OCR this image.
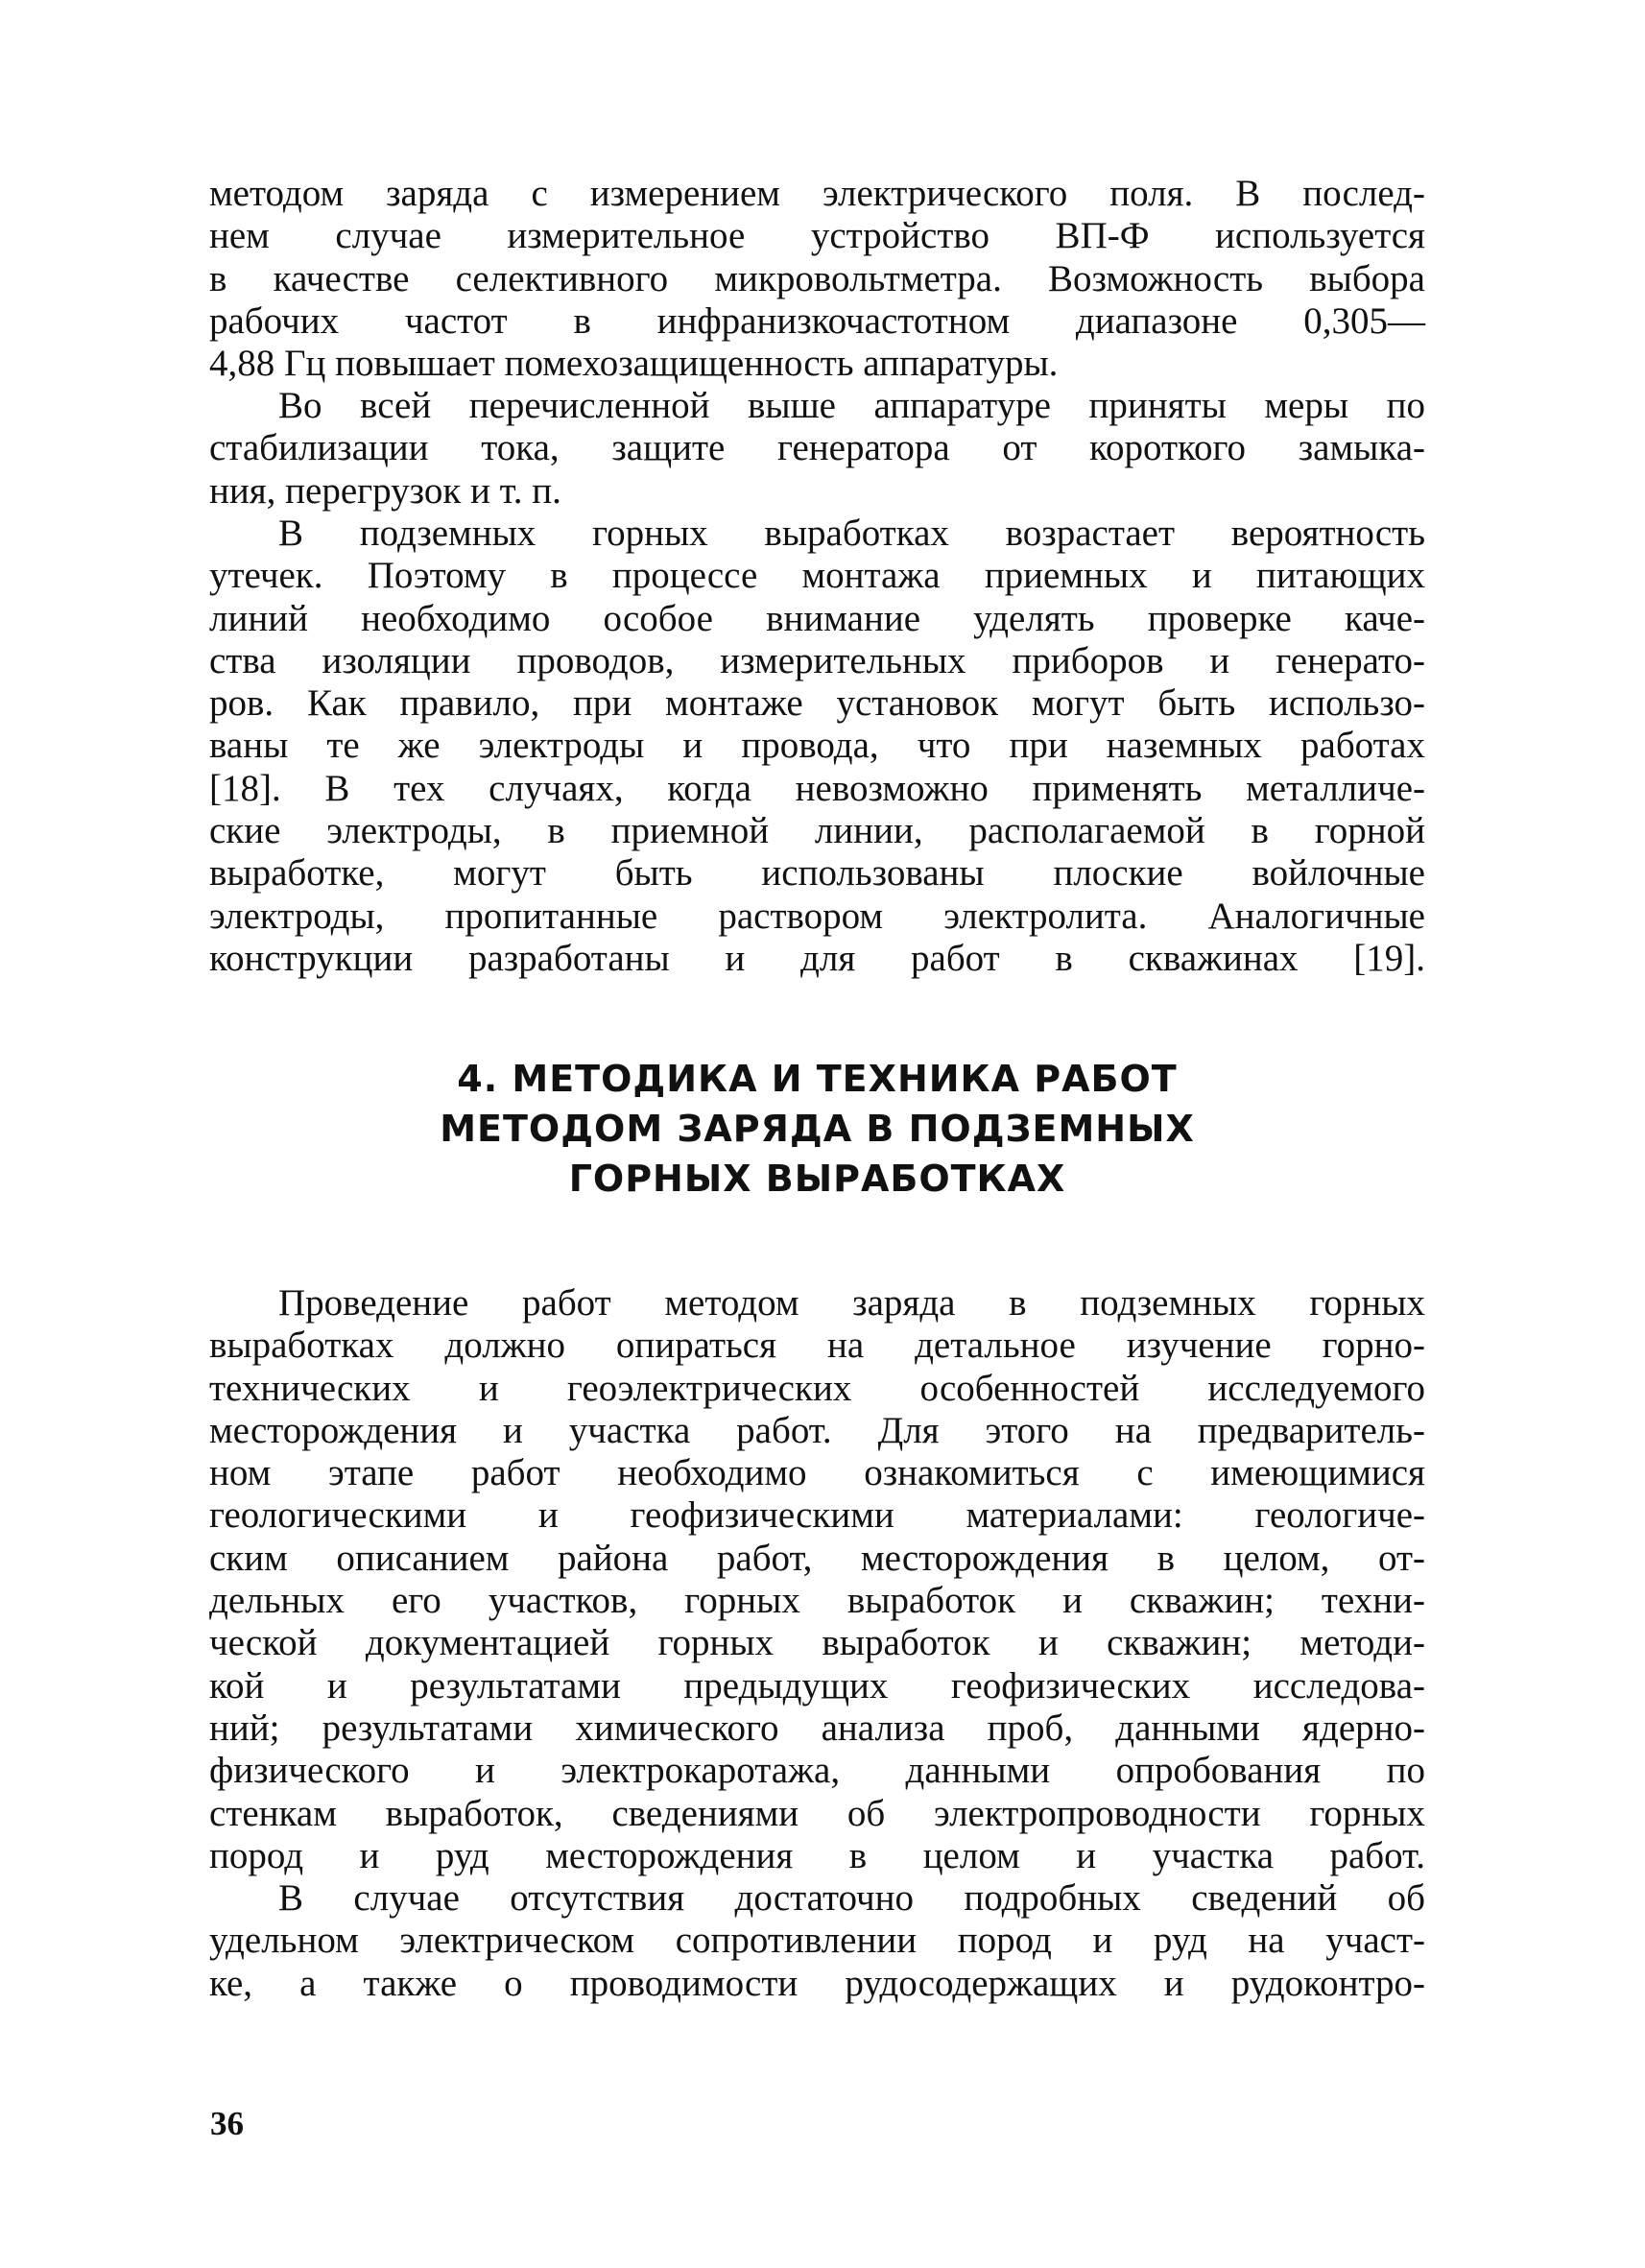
методом заряда с измерением электрического поля. В послед-
нем случае измерительное устройство ВП-Ф используется
в качестве селективного микровольтметра. Возможность выбора
рабочих частот в инфранизкочастотном диапазоне 0,305—
4,88 Гц повышает помехозащищенность аппаратуры.
Во всей перечисленной выше аппаратуре приняты меры по
стабилизации тока, защите генератора от короткого замыка-
ния, перегрузок и т. п.
В подземных горных выработках возрастает вероятность
утечек. Поэтому в процессе монтажа приемных и питающих
линий необходимо особое внимание уделять проверке каче-
ства изоляции проводов, измерительных приборов и генерато-
ров. Как правило, при монтаже установок могут быть использо-
ваны те же электроды и провода, что при наземных работах
[18]. В тех случаях, когда невозможно применять металличе-
ские электроды, в приемной линии, располагаемой в горной
выработке, могут быть использованы плоские войлочные
электроды, пропитанные раствором электролита. Аналогичные
конструкции разработаны и для работ в скважинах [19].
4. МЕТОДИКА И ТЕХНИКА РАБОТ
МЕТОДОМ ЗАРЯДА В ПОДЗЕМНЫХ
ГОРНЫХ ВЫРАБОТКАХ
Проведение работ методом заряда в подземных горных
выработках должно опираться на детальное изучение горно-
технических и геоэлектрических особенностей исследуемого
месторождения и участка работ. Для этого на предваритель-
ном этапе работ необходимо ознакомиться с имеющимися
геологическими и геофизическими материалами: геологиче-
ским описанием района работ, месторождения в целом, от-
дельных его участков, горных выработок и скважин; техни-
ческой документацией горных выработок и скважин; методи-
кой и результатами предыдущих геофизических исследова-
ний; результатами химического анализа проб, данными ядерно-
физического и электрокаротажа, данными опробования по
стенкам выработок, сведениями об электропроводности горных
пород и руд месторождения в целом и участка работ.
В случае отсутствия достаточно подробных сведений об
удельном электрическом сопротивлении пород и руд на участ-
ке, а также о проводимости рудосодержащих и рудоконтро-
36
